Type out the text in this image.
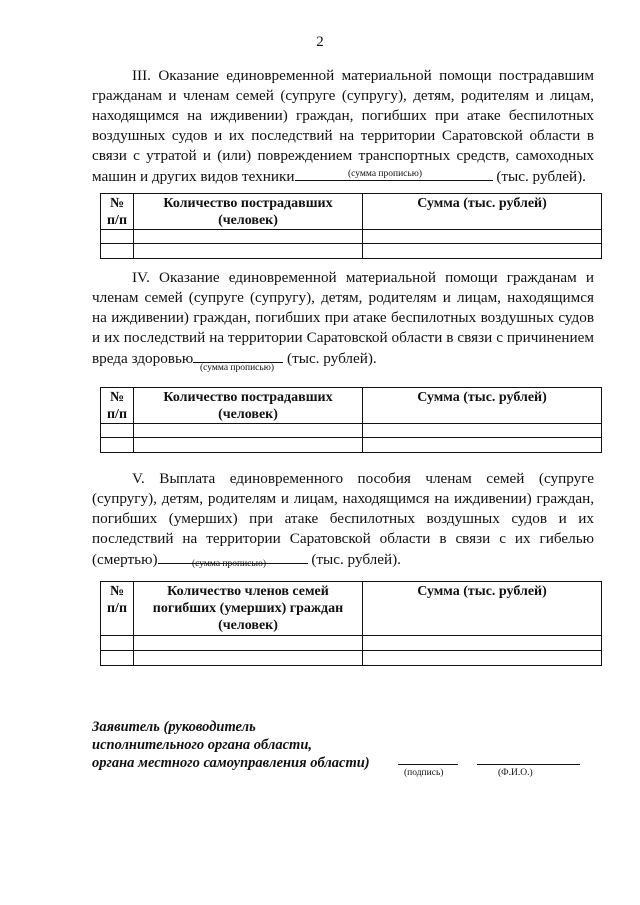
2

III. Оказание единовременной материальной помощи пострадавшим гражданам и членам семей (супруге (супругу), детям, родителям и лицам, находящимся на иждивении) граждан, погибших при атаке беспилотных воздушных судов и их последствий на территории Саратовской области в связи с утратой и (или) повреждением транспортных средств, самоходных машин и других видов техники	(тыс. рублей).

(сумма прописью)
№ п/п	Количество пострадавших (человек)	Сумма (тыс. рублей)

IV. Оказание единовременной материальной помощи гражданам и членам семей (супруге (супругу), детям, родителям и лицам, находящимся на иждивении) граждан, погибших при атаке беспилотных воздушных судов и их последствий на территории Саратовской области в связи с причинением вреда здоровью	(тыс. рублей).

(сумма прописью)
№ п/п	Количество пострадавших (человек)	Сумма (тыс. рублей)

V. Выплата единовременного пособия членам семей (супруге (супругу), детям, родителям и лицам, находящимся на иждивении) граждан, погибших (умерших) при атаке беспилотных воздушных судов и их последствий на территории Саратовской области в связи с их гибелью (смертью)	(тыс. рублей).

(сумма прописью)
№ п/п	Количество членов семей погибших (умерших) граждан (человек)	Сумма (тыс. рублей)

Заявитель (руководитель
исполнительного органа области,
органа местного самоуправления области)
(подпись)	(Ф.И.О.)
